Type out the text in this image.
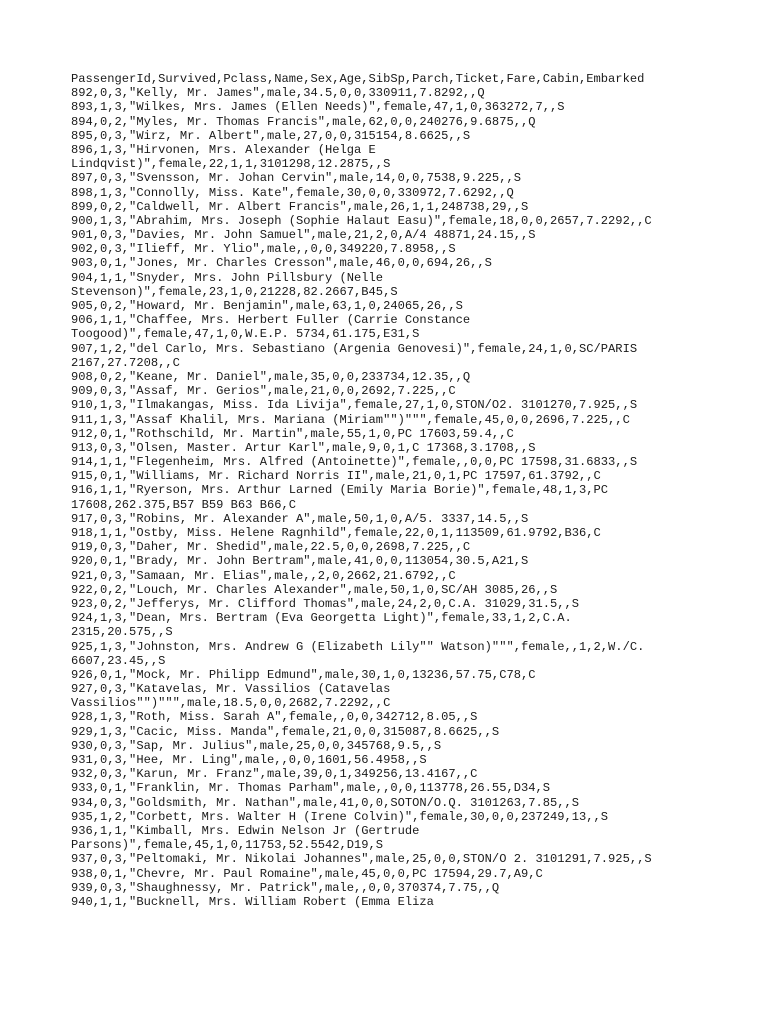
PassengerId,Survived,Pclass,Name,Sex,Age,SibSp,Parch,Ticket,Fare,Cabin,Embarked
892,0,3,"Kelly, Mr. James",male,34.5,0,0,330911,7.8292,,Q
893,1,3,"Wilkes, Mrs. James (Ellen Needs)",female,47,1,0,363272,7,,S
894,0,2,"Myles, Mr. Thomas Francis",male,62,0,0,240276,9.6875,,Q
895,0,3,"Wirz, Mr. Albert",male,27,0,0,315154,8.6625,,S
896,1,3,"Hirvonen, Mrs. Alexander (Helga E
Lindqvist)",female,22,1,1,3101298,12.2875,,S
897,0,3,"Svensson, Mr. Johan Cervin",male,14,0,0,7538,9.225,,S
898,1,3,"Connolly, Miss. Kate",female,30,0,0,330972,7.6292,,Q
899,0,2,"Caldwell, Mr. Albert Francis",male,26,1,1,248738,29,,S
900,1,3,"Abrahim, Mrs. Joseph (Sophie Halaut Easu)",female,18,0,0,2657,7.2292,,C
901,0,3,"Davies, Mr. John Samuel",male,21,2,0,A/4 48871,24.15,,S
902,0,3,"Ilieff, Mr. Ylio",male,,0,0,349220,7.8958,,S
903,0,1,"Jones, Mr. Charles Cresson",male,46,0,0,694,26,,S
904,1,1,"Snyder, Mrs. John Pillsbury (Nelle
Stevenson)",female,23,1,0,21228,82.2667,B45,S
905,0,2,"Howard, Mr. Benjamin",male,63,1,0,24065,26,,S
906,1,1,"Chaffee, Mrs. Herbert Fuller (Carrie Constance
Toogood)",female,47,1,0,W.E.P. 5734,61.175,E31,S
907,1,2,"del Carlo, Mrs. Sebastiano (Argenia Genovesi)",female,24,1,0,SC/PARIS
2167,27.7208,,C
908,0,2,"Keane, Mr. Daniel",male,35,0,0,233734,12.35,,Q
909,0,3,"Assaf, Mr. Gerios",male,21,0,0,2692,7.225,,C
910,1,3,"Ilmakangas, Miss. Ida Livija",female,27,1,0,STON/O2. 3101270,7.925,,S
911,1,3,"Assaf Khalil, Mrs. Mariana (Miriam"")""",female,45,0,0,2696,7.225,,C
912,0,1,"Rothschild, Mr. Martin",male,55,1,0,PC 17603,59.4,,C
913,0,3,"Olsen, Master. Artur Karl",male,9,0,1,C 17368,3.1708,,S
914,1,1,"Flegenheim, Mrs. Alfred (Antoinette)",female,,0,0,PC 17598,31.6833,,S
915,0,1,"Williams, Mr. Richard Norris II",male,21,0,1,PC 17597,61.3792,,C
916,1,1,"Ryerson, Mrs. Arthur Larned (Emily Maria Borie)",female,48,1,3,PC
17608,262.375,B57 B59 B63 B66,C
917,0,3,"Robins, Mr. Alexander A",male,50,1,0,A/5. 3337,14.5,,S
918,1,1,"Ostby, Miss. Helene Ragnhild",female,22,0,1,113509,61.9792,B36,C
919,0,3,"Daher, Mr. Shedid",male,22.5,0,0,2698,7.225,,C
920,0,1,"Brady, Mr. John Bertram",male,41,0,0,113054,30.5,A21,S
921,0,3,"Samaan, Mr. Elias",male,,2,0,2662,21.6792,,C
922,0,2,"Louch, Mr. Charles Alexander",male,50,1,0,SC/AH 3085,26,,S
923,0,2,"Jefferys, Mr. Clifford Thomas",male,24,2,0,C.A. 31029,31.5,,S
924,1,3,"Dean, Mrs. Bertram (Eva Georgetta Light)",female,33,1,2,C.A.
2315,20.575,,S
925,1,3,"Johnston, Mrs. Andrew G (Elizabeth Lily"" Watson)""",female,,1,2,W./C.
6607,23.45,,S
926,0,1,"Mock, Mr. Philipp Edmund",male,30,1,0,13236,57.75,C78,C
927,0,3,"Katavelas, Mr. Vassilios (Catavelas
Vassilios"")""",male,18.5,0,0,2682,7.2292,,C
928,1,3,"Roth, Miss. Sarah A",female,,0,0,342712,8.05,,S
929,1,3,"Cacic, Miss. Manda",female,21,0,0,315087,8.6625,,S
930,0,3,"Sap, Mr. Julius",male,25,0,0,345768,9.5,,S
931,0,3,"Hee, Mr. Ling",male,,0,0,1601,56.4958,,S
932,0,3,"Karun, Mr. Franz",male,39,0,1,349256,13.4167,,C
933,0,1,"Franklin, Mr. Thomas Parham",male,,0,0,113778,26.55,D34,S
934,0,3,"Goldsmith, Mr. Nathan",male,41,0,0,SOTON/O.Q. 3101263,7.85,,S
935,1,2,"Corbett, Mrs. Walter H (Irene Colvin)",female,30,0,0,237249,13,,S
936,1,1,"Kimball, Mrs. Edwin Nelson Jr (Gertrude
Parsons)",female,45,1,0,11753,52.5542,D19,S
937,0,3,"Peltomaki, Mr. Nikolai Johannes",male,25,0,0,STON/O 2. 3101291,7.925,,S
938,0,1,"Chevre, Mr. Paul Romaine",male,45,0,0,PC 17594,29.7,A9,C
939,0,3,"Shaughnessy, Mr. Patrick",male,,0,0,370374,7.75,,Q
940,1,1,"Bucknell, Mrs. William Robert (Emma Eliza
